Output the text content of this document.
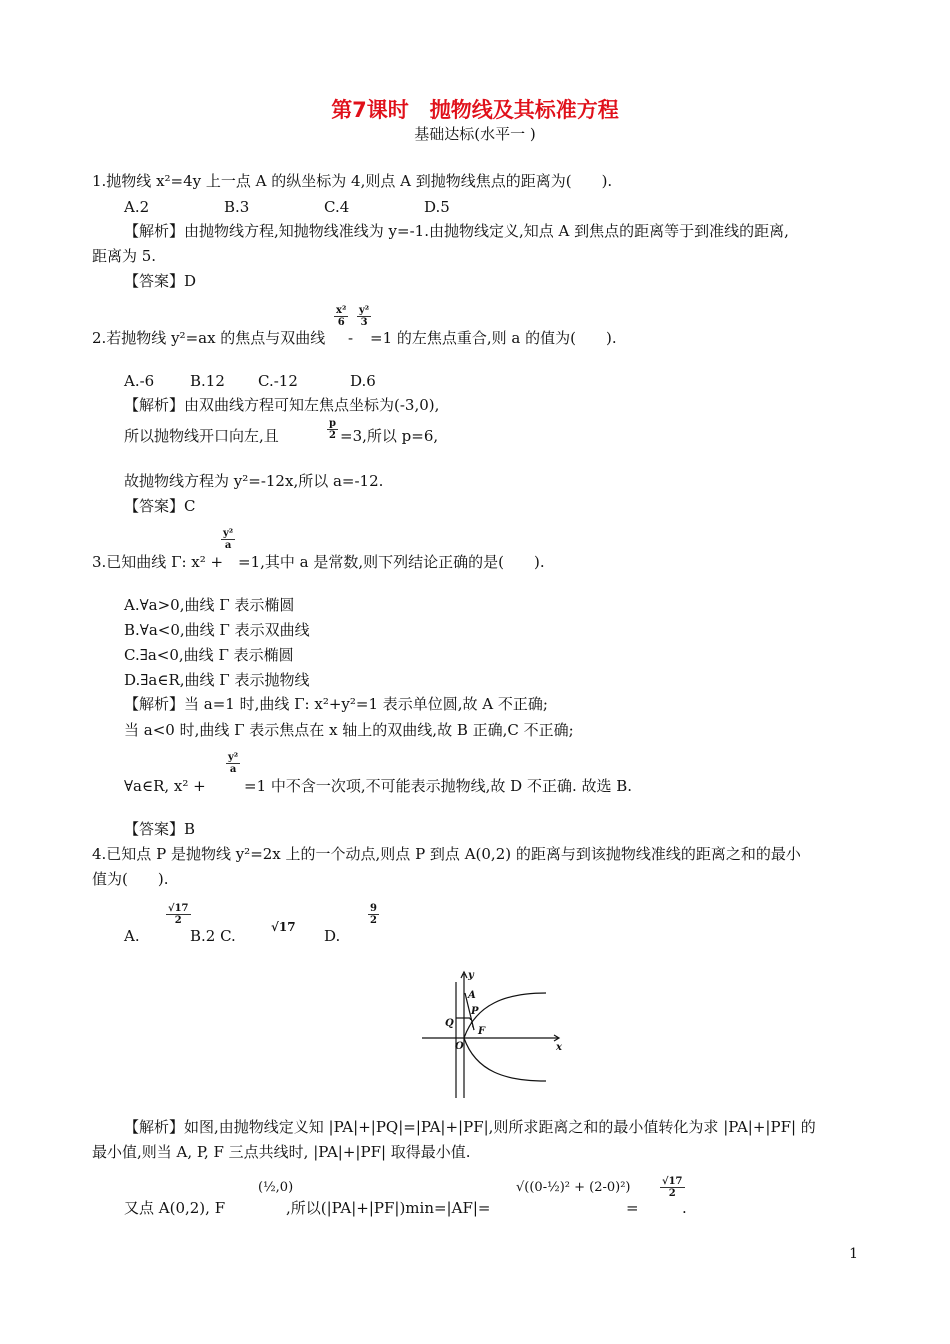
第7课时　抛物线及其标准方程
基础达标(水平一 )
1.抛物线 x²=4y 上一点 A 的纵坐标为 4,则点 A 到抛物线焦点的距离为(　　).
A.2	B.3	C.4	D.5
【解析】由抛物线方程,知抛物线准线为 y=-1.由抛物线定义,知点 A 到焦点的距离等于到准线的距离,
距离为 5.
【答案】D
2.若抛物线 y²=ax 的焦点与双曲线
x²
6
-
y²
3
=1 的左焦点重合,则 a 的值为(　　).
A.-6 B.12 C.-12	D.6
【解析】由双曲线方程可知左焦点坐标为(-3,0),
所以抛物线开口向左,且
p
2 =3,所以 p=6,
故抛物线方程为 y²=-12x,所以 a=-12.
【答案】C
3.已知曲线 Γ: x² +
y²
a
=1,其中 a 是常数,则下列结论正确的是(　　).
A.∀a>0,曲线 Γ 表示椭圆
B.∀a<0,曲线 Γ 表示双曲线
C.∃a<0,曲线 Γ 表示椭圆
D.∃a∈R,曲线 Γ 表示抛物线
【解析】当 a=1 时,曲线 Γ: x²+y²=1 表示单位圆,故 A 不正确;
当 a<0 时,曲线 Γ 表示焦点在 x 轴上的双曲线,故 B 正确,C 不正确;
∀a∈R, x² +
y²
a
=1 中不含一次项,不可能表示抛物线,故 D 不正确. 故选 B.
【答案】B
4.已知点 P 是抛物线 y²=2x 上的一个动点,则点 P 到点 A(0,2) 的距离与到该抛物线准线的距离之和的最小
值为(　　).
A.
√17
2
B.2 C.	√17 D.
9
2
y
x
A
P
Q
F
O
【解析】如图,由抛物线定义知 |PA|+|PQ|=|PA|+|PF|,则所求距离之和的最小值转化为求 |PA|+|PF| 的
最小值,则当 A, P, F 三点共线时, |PA|+|PF| 取得最小值.
又点 A(0,2), F
(½,0)
,所以(|PA|+|PF|)min=|AF|=
√((0-½)² + (2-0)²)
=
√17
2
.
1
